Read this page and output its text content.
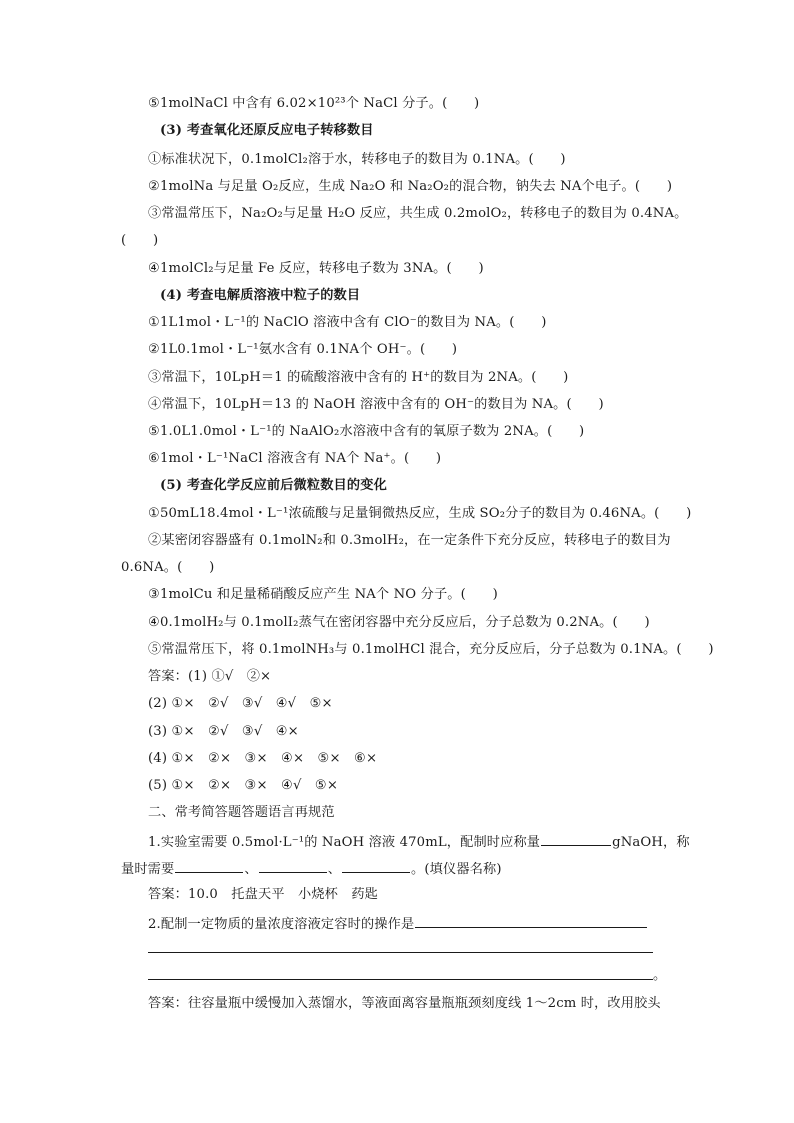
⑤1molNaCl 中含有 6.02×10²³个 NaCl 分子。(　　)
(3) 考查氧化还原反应电子转移数目
①标准状况下，0.1molCl₂溶于水，转移电子的数目为 0.1NA。(　　)
②1molNa 与足量 O₂反应，生成 Na₂O 和 Na₂O₂的混合物，钠失去 NA个电子。(　　)
③常温常压下，Na₂O₂与足量 H₂O 反应，共生成 0.2molO₂，转移电子的数目为 0.4NA。
(　　)
④1molCl₂与足量 Fe 反应，转移电子数为 3NA。(　　)
(4) 考查电解质溶液中粒子的数目
①1L1mol・L⁻¹的 NaClO 溶液中含有 ClO⁻的数目为 NA。(　　)
②1L0.1mol・L⁻¹氨水含有 0.1NA个 OH⁻。(　　)
③常温下，10LpH＝1 的硫酸溶液中含有的 H⁺的数目为 2NA。(　　)
④常温下，10LpH＝13 的 NaOH 溶液中含有的 OH⁻的数目为 NA。(　　)
⑤1.0L1.0mol・L⁻¹的 NaAlO₂水溶液中含有的氧原子数为 2NA。(　　)
⑥1mol・L⁻¹NaCl 溶液含有 NA个 Na⁺。(　　)
(5) 考查化学反应前后微粒数目的变化
①50mL18.4mol・L⁻¹浓硫酸与足量铜微热反应，生成 SO₂分子的数目为 0.46NA。(　　)
②某密闭容器盛有 0.1molN₂和 0.3molH₂，在一定条件下充分反应，转移电子的数目为
0.6NA。(　　)
③1molCu 和足量稀硝酸反应产生 NA个 NO 分子。(　　)
④0.1molH₂与 0.1molI₂蒸气在密闭容器中充分反应后，分子总数为 0.2NA。(　　)
⑤常温常压下，将 0.1molNH₃与 0.1molHCl 混合，充分反应后，分子总数为 0.1NA。(　　)
答案：(1) ①√　②×
(2) ①×　②√　③√　④√　⑤×
(3) ①×　②√　③√　④×
(4) ①×　②×　③×　④×　⑤×　⑥×
(5) ①×　②×　③×　④√　⑤×
二、常考简答题答题语言再规范
1.实验室需要 0.5mol·L⁻¹的 NaOH 溶液 470mL，配制时应称量	gNaOH，称
量时需要	、	、	。(填仪器名称)
答案：10.0　托盘天平　小烧杯　药匙
2.配制一定物质的量浓度溶液定容时的操作是
。
答案：往容量瓶中缓慢加入蒸馏水，等液面离容量瓶瓶颈刻度线 1～2cm 时，改用胶头
